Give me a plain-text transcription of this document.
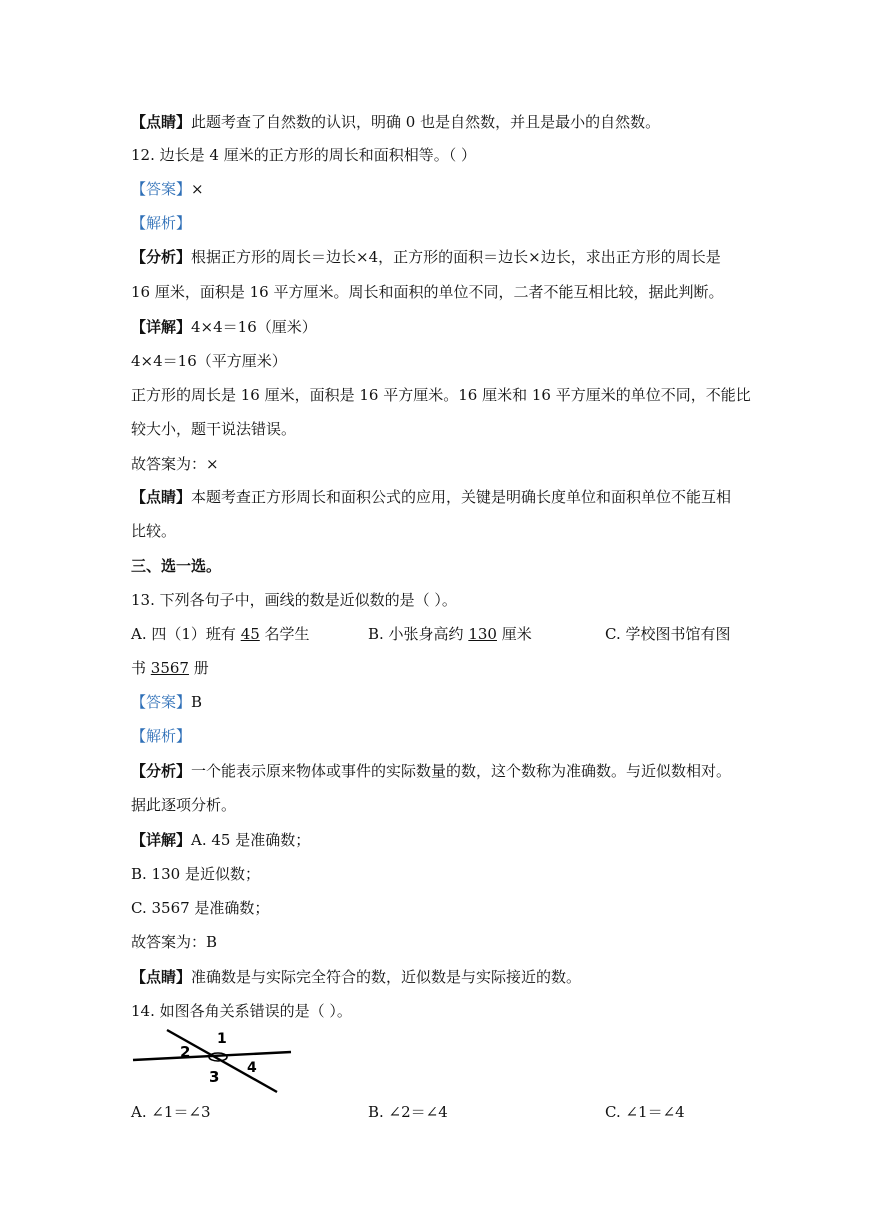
【点睛】此题考查了自然数的认识，明确 0 也是自然数，并且是最小的自然数。
12. 边长是 4 厘米的正方形的周长和面积相等。（ ）
【答案】×
【解析】
【分析】根据正方形的周长＝边长×4，正方形的面积＝边长×边长，求出正方形的周长是
16 厘米，面积是 16 平方厘米。周长和面积的单位不同，二者不能互相比较，据此判断。
【详解】4×4＝16（厘米）
4×4＝16（平方厘米）
正方形的周长是 16 厘米，面积是 16 平方厘米。16 厘米和 16 平方厘米的单位不同，不能比
较大小，题干说法错误。
故答案为：×
【点睛】本题考查正方形周长和面积公式的应用，关键是明确长度单位和面积单位不能互相
比较。
三、选一选。
13. 下列各句子中，画线的数是近似数的是（ ）。
A. 四（1）班有 45 名学生	B. 小张身高约 130 厘米	C. 学校图书馆有图
书 3567 册
【答案】B
【解析】
【分析】一个能表示原来物体或事件的实际数量的数，这个数称为准确数。与近似数相对。
据此逐项分析。
【详解】A. 45 是准确数；
B. 130 是近似数；
C. 3567 是准确数；
故答案为：B
【点睛】准确数是与实际完全符合的数，近似数是与实际接近的数。
14. 如图各角关系错误的是（ ）。
1
2
3 4
A. ∠1＝∠3	B. ∠2＝∠4	C. ∠1＝∠4
